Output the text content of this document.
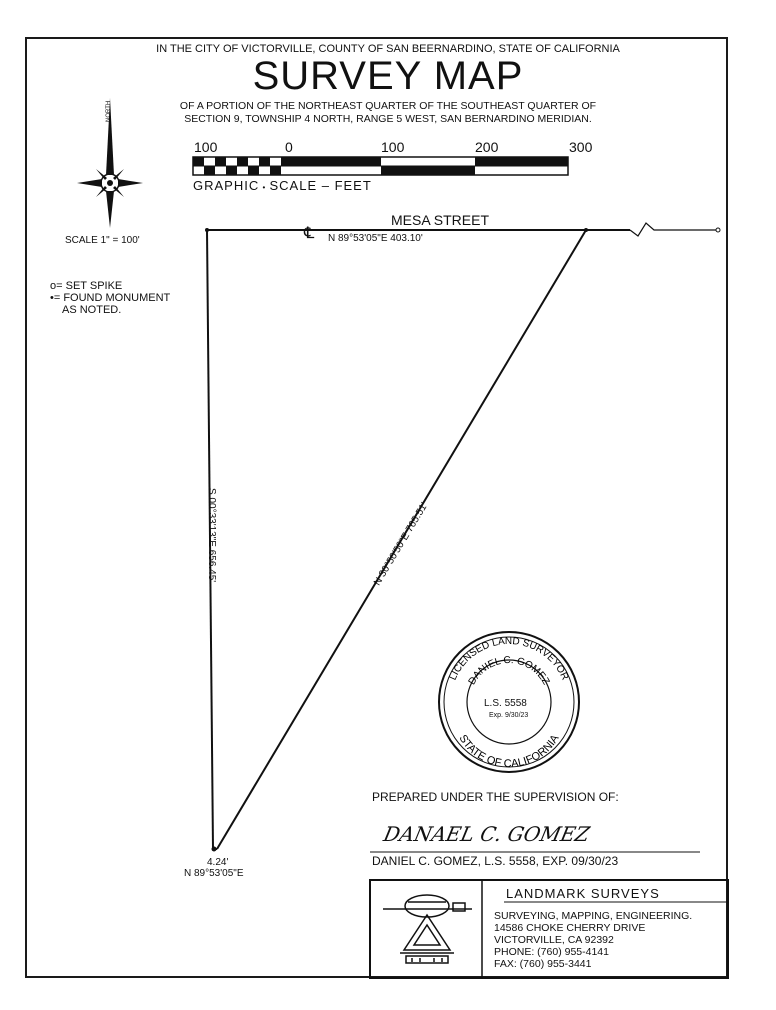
IN THE CITY OF VICTORVILLE, COUNTY OF SAN BEERNARDINO, STATE OF CALIFORNIA
SURVEY MAP
OF A PORTION OF THE NORTHEAST QUARTER OF THE SOUTHEAST QUARTER OF
SECTION 9, TOWNSHIP 4 NORTH, RANGE 5 WEST, SAN BERNARDINO MERIDIAN.
100	0	100	200	300
GRAPHIC • SCALE – FEET
SCALE 1" = 100'
o= SET SPIKE
•= FOUND MONUMENT
AS NOTED.
LICENSED LAND SURVEYOR
DANIEL C. GOMEZ
STATE OF CALIFORNIA
MESA STREET
℄ N 89°53'05"E 403.10'
S 00°33'13"E 656.45'	N 30°50'50"E 765.51'
4.24'
N 89°53'05"E
L.S. 5558
Exp. 9/30/23
PREPARED UNDER THE SUPERVISION OF:
DANAEL C. GOMEZ
DANIEL C. GOMEZ, L.S. 5558, EXP. 09/30/23
LANDMARK SURVEYS
SURVEYING, MAPPING, ENGINEERING.
14586 CHOKE CHERRY DRIVE
VICTORVILLE, CA 92392
PHONE: (760) 955-4141
FAX: (760) 955-3441
NORTH
